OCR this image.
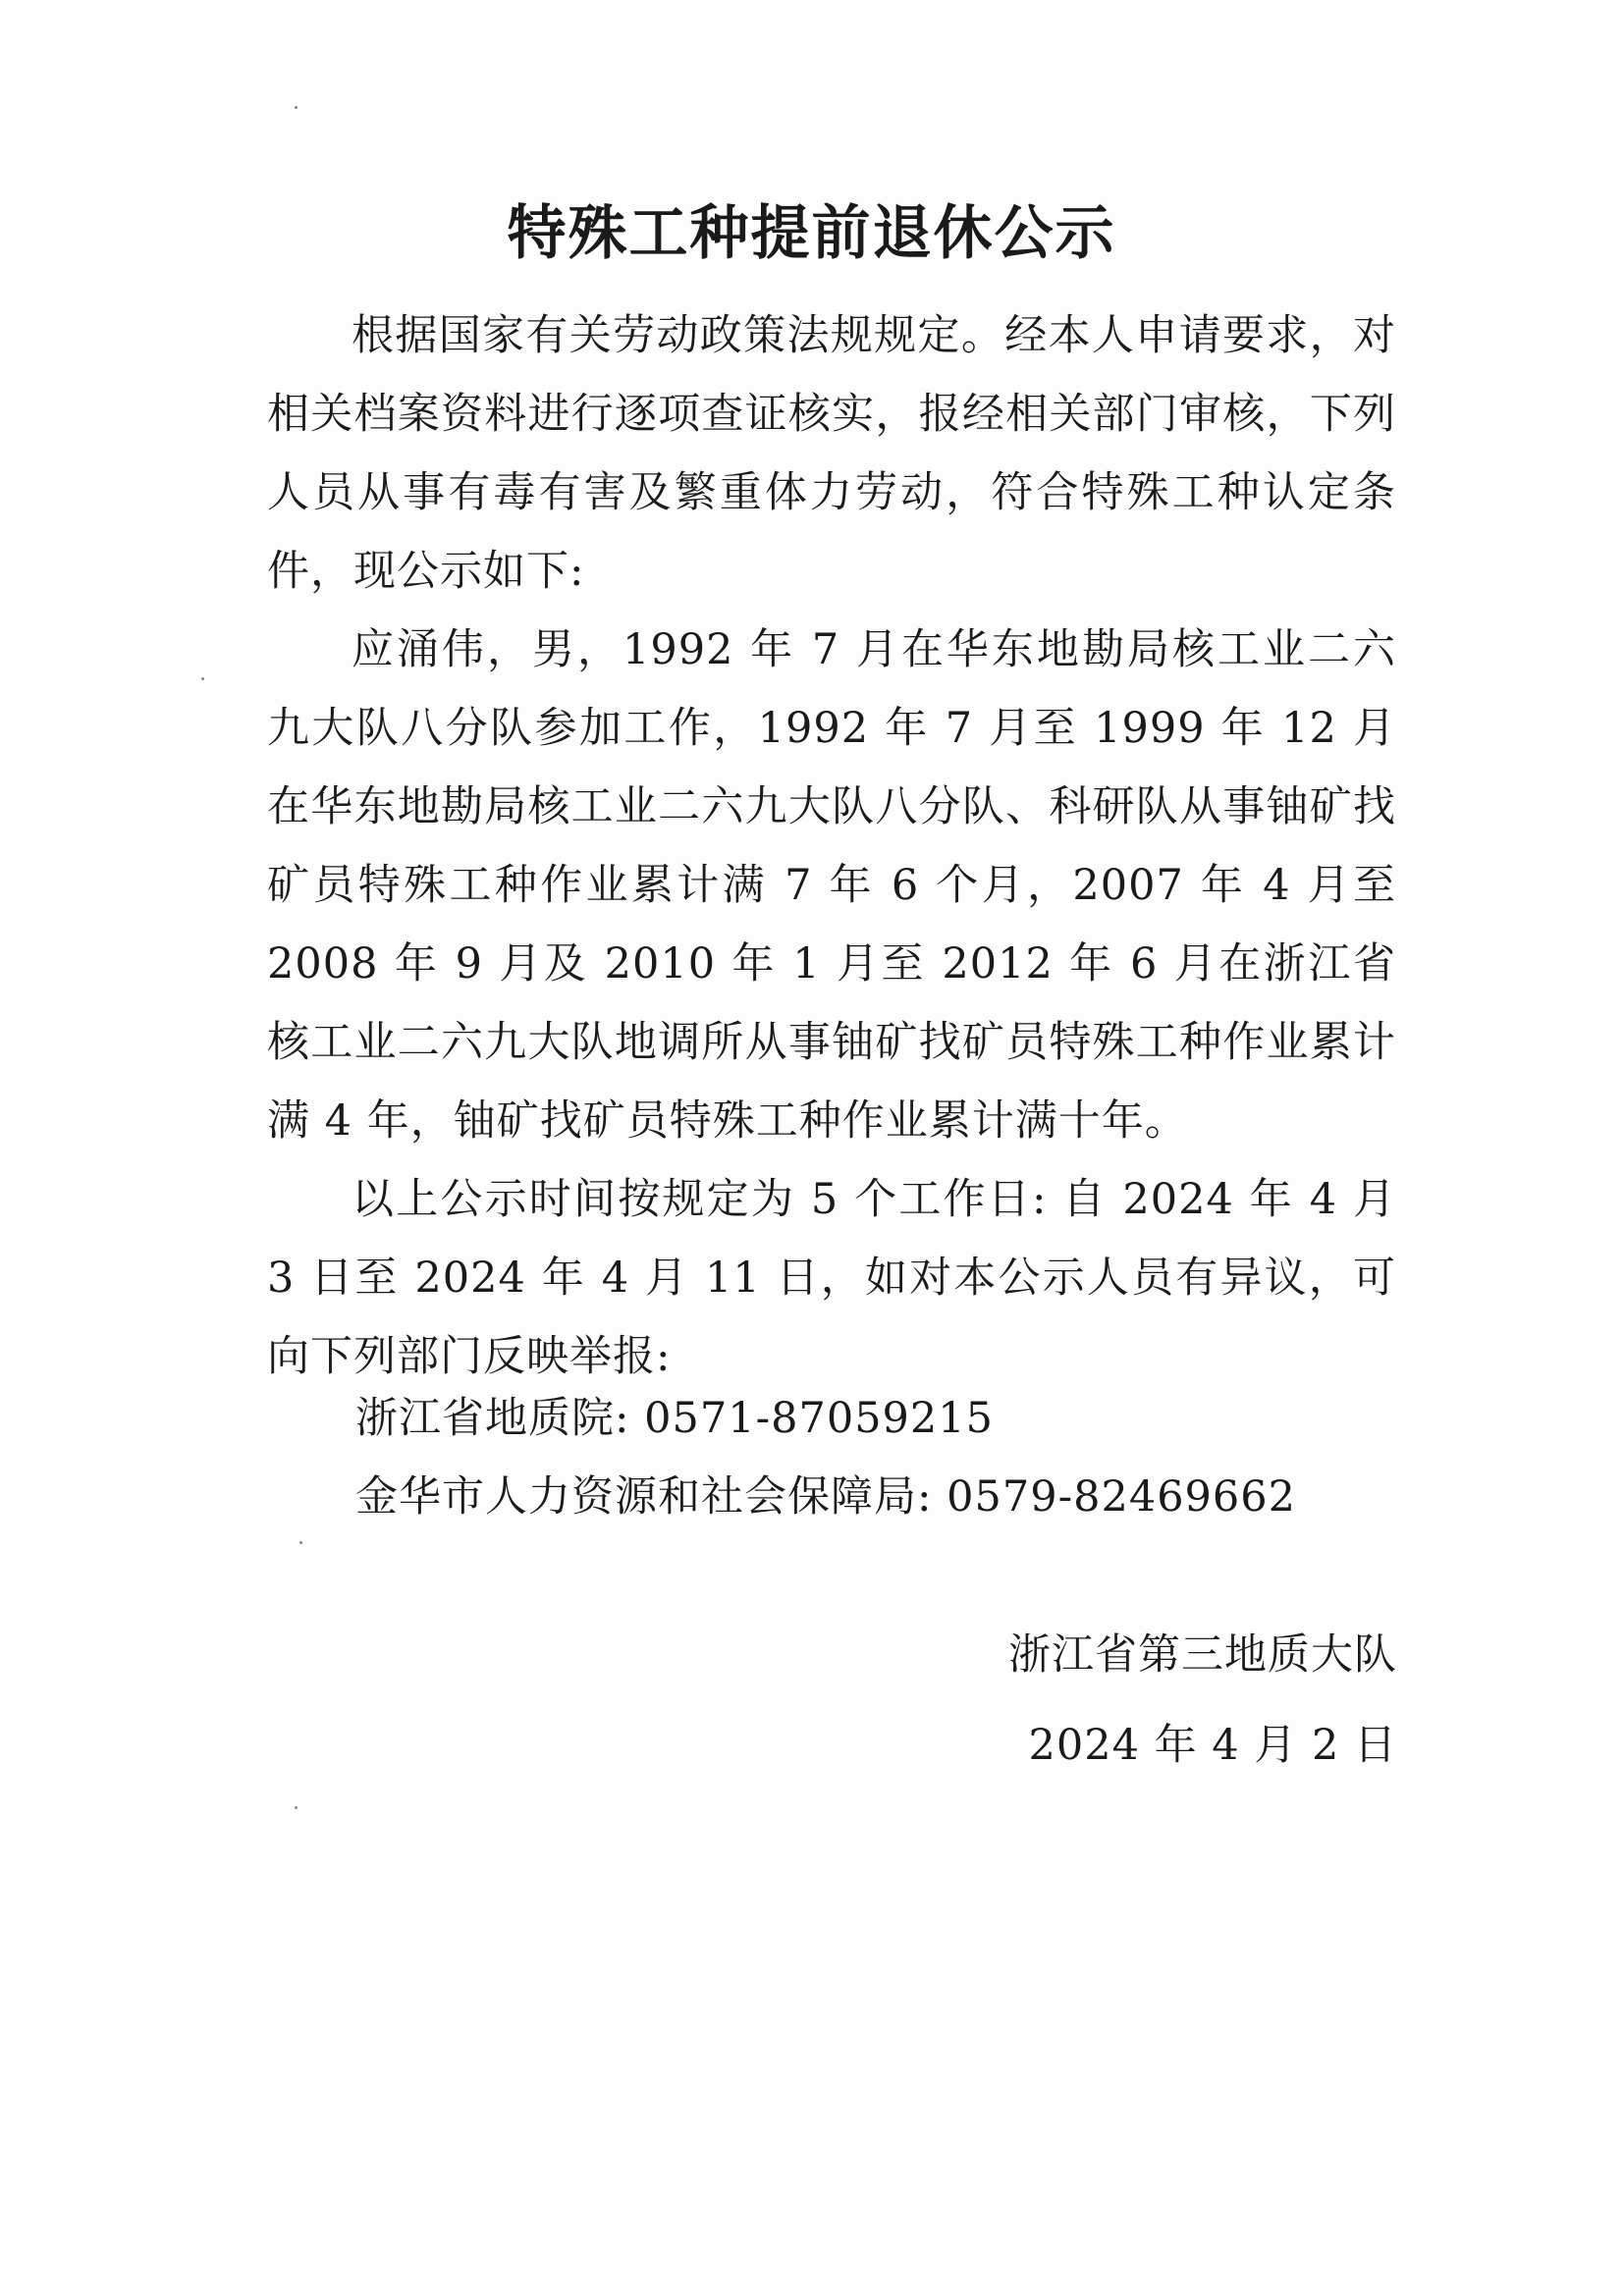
特殊工种提前退休公示

根据国家有关劳动政策法规规定。经本人申请要求，对相关档案资料进行逐项查证核实，报经相关部门审核，下列人员从事有毒有害及繁重体力劳动，符合特殊工种认定条件，现公示如下:

应涌伟，男，1992 年 7 月在华东地勘局核工业二六九大队八分队参加工作，1992 年 7 月至 1999 年 12 月在华东地勘局核工业二六九大队八分队、科研队从事铀矿找矿员特殊工种作业累计满 7 年 6 个月，2007 年 4 月至 2008 年 9 月及 2010 年 1 月至 2012 年 6 月在浙江省核工业二六九大队地调所从事铀矿找矿员特殊工种作业累计满 4 年，铀矿找矿员特殊工种作业累计满十年。

以上公示时间按规定为 5 个工作日: 自 2024 年 4 月 3 日至 2024 年 4 月 11 日，如对本公示人员有异议，可向下列部门反映举报:

浙江省地质院: 0571-87059215
金华市人力资源和社会保障局: 0579-82469662
浙江省第三地质大队
2024 年 4 月 2 日
